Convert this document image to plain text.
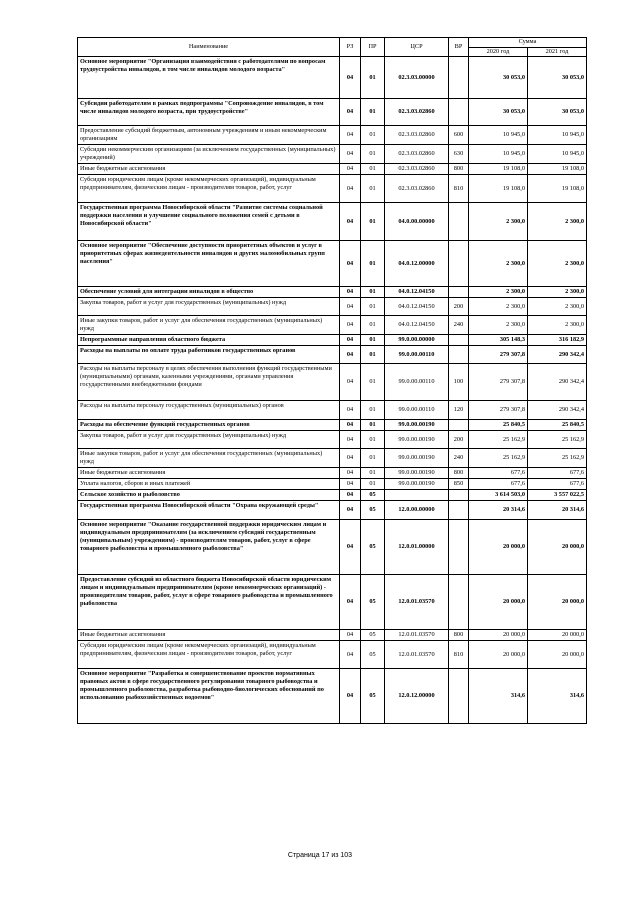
Наименование	РЗ	ПР	ЦСР	ВР	Сумма	
					2020 год	2021 год
Основное мероприятие "Организация взаимодействия с работодателями по вопросам трудоустройства инвалидов, в том числе инвалидов молодого возраста"	04	01	02.3.03.00000		30 053,0	30 053,0
Субсидии работодателям в рамках подпрограммы "Сопровождение инвалидов, в том числе инвалидов молодого возраста, при трудоустройстве"	04	01	02.3.03.02860		30 053,0	30 053,0
Предоставление субсидий бюджетным, автономным учреждениям и иным некоммерческим организациям	04	01	02.3.03.02860	600	10 945,0	10 945,0
Субсидии некоммерческим организациям (за исключением государственных (муниципальных) учреждений)	04	01	02.3.03.02860	630	10 945,0	10 945,0
Иные бюджетные ассигнования	04	01	02.3.03.02860	800	19 108,0	19 108,0
Субсидии юридическим лицам (кроме некоммерческих организаций), индивидуальным предпринимателям, физическим лицам - производителям товаров, работ, услуг	04	01	02.3.03.02860	810	19 108,0	19 108,0
Государственная программа Новосибирской области "Развитие системы социальной поддержки населения и улучшение социального положения семей с детьми в Новосибирской области"	04	01	04.0.00.00000		2 300,0	2 300,0
Основное мероприятие "Обеспечение доступности приоритетных объектов и услуг в приоритетных сферах жизнедеятельности инвалидов и других маломобильных групп населения"	04	01	04.0.12.00000		2 300,0	2 300,0
Обеспечение условий для интеграции инвалидов в общество	04	01	04.0.12.04150		2 300,0	2 300,0
Закупка товаров, работ и услуг для государственных (муниципальных) нужд	04	01	04.0.12.04150	200	2 300,0	2 300,0
Иные закупки товаров, работ и услуг для обеспечения государственных (муниципальных) нужд	04	01	04.0.12.04150	240	2 300,0	2 300,0
Непрограммные направления областного бюджета	04	01	99.0.00.00000		305 148,3	316 182,9
Расходы на выплаты по оплате труда работников государственных органов	04	01	99.0.00.00110		279 307,8	290 342,4
Расходы на выплаты персоналу в целях обеспечения выполнения функций государственными (муниципальными) органами, казенными учреждениями, органами управления государственными внебюджетными фондами	04	01	99.0.00.00110	100	279 307,8	290 342,4
Расходы на выплаты персоналу государственных (муниципальных) органов	04	01	99.0.00.00110	120	279 307,8	290 342,4
Расходы на обеспечение функций государственных органов	04	01	99.0.00.00190		25 840,5	25 840,5
Закупка товаров, работ и услуг для государственных (муниципальных) нужд	04	01	99.0.00.00190	200	25 162,9	25 162,9
Иные закупки товаров, работ и услуг для обеспечения государственных (муниципальных) нужд	04	01	99.0.00.00190	240	25 162,9	25 162,9
Иные бюджетные ассигнования	04	01	99.0.00.00190	800	677,6	677,6
Уплата налогов, сборов и иных платежей	04	01	99.0.00.00190	850	677,6	677,6
Сельское хозяйство и рыболовство	04	05			3 614 503,0	3 557 022,5
Государственная программа Новосибирской области "Охрана окружающей среды"	04	05	12.0.00.00000		20 314,6	20 314,6
Основное мероприятие "Оказание государственной поддержки юридическим лицам и индивидуальным предпринимателям (за исключением субсидий государственным (муниципальным) учреждениям) - производителям товаров, работ, услуг в сфере товарного рыболовства и промышленного рыболовства"	04	05	12.0.01.00000		20 000,0	20 000,0
Предоставление субсидий из областного бюджета Новосибирской области юридическим лицам и индивидуальным предпринимателям (кроме некоммерческих организаций) - производителям товаров, работ, услуг в сфере товарного рыбоводства и промышленного рыболовства	04	05	12.0.01.03570		20 000,0	20 000,0
Иные бюджетные ассигнования	04	05	12.0.01.03570	800	20 000,0	20 000,0
Субсидии юридическим лицам (кроме некоммерческих организаций), индивидуальным предпринимателям, физическим лицам - производителям товаров, работ, услуг	04	05	12.0.01.03570	810	20 000,0	20 000,0
Основное мероприятие "Разработка и совершенствование проектов нормативных правовых актов в сфере государственного регулирования товарного рыбоводства и промышленного рыболовства, разработка рыбоводно-биологических обоснований по использованию рыбохозяйственных водоемов"	04	05	12.0.12.00000		314,6	314,6
Страница 17 из 103
